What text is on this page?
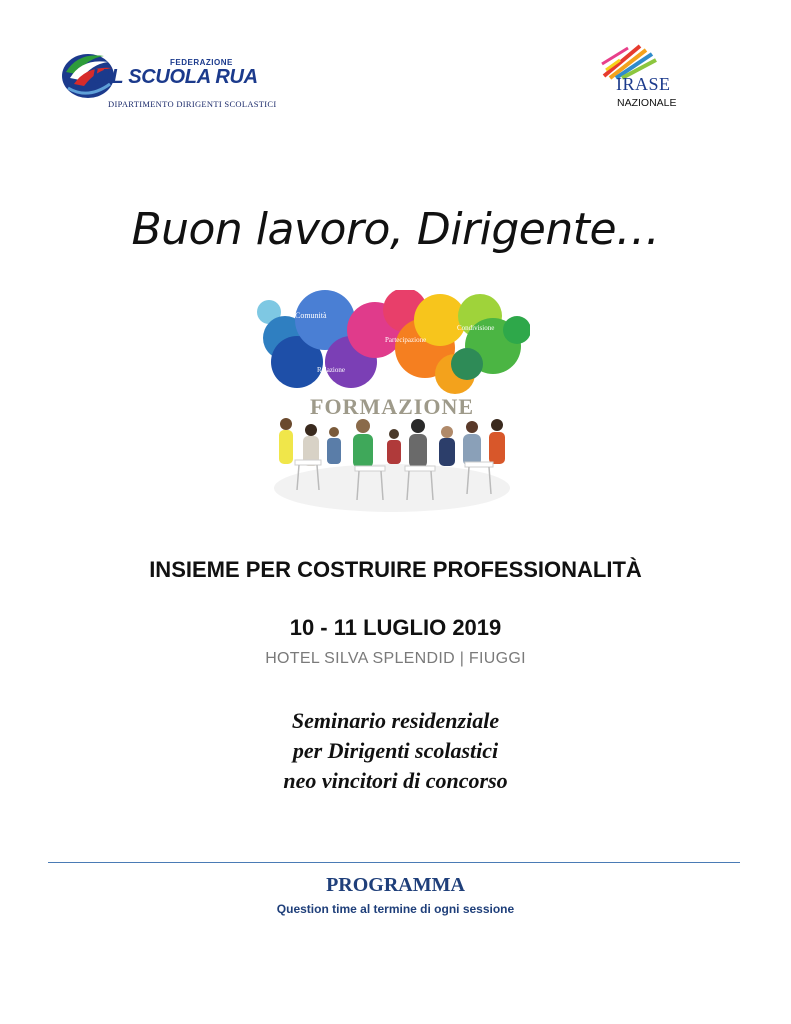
FEDERAZIONE
UIL SCUOLA RUA
DIPARTIMENTO DIRIGENTI SCOLASTICI
IRASE
NAZIONALE
Buon lavoro, Dirigente…
Comunità
Partecipazione
Condivisione
Relazione
FORMAZIONE
INSIEME PER COSTRUIRE PROFESSIONALITÀ
10 - 11 LUGLIO 2019
HOTEL SILVA SPLENDID | FIUGGI
Seminario residenziale
per Dirigenti scolastici
neo vincitori di concorso
PROGRAMMA
Question time al termine di ogni sessione
